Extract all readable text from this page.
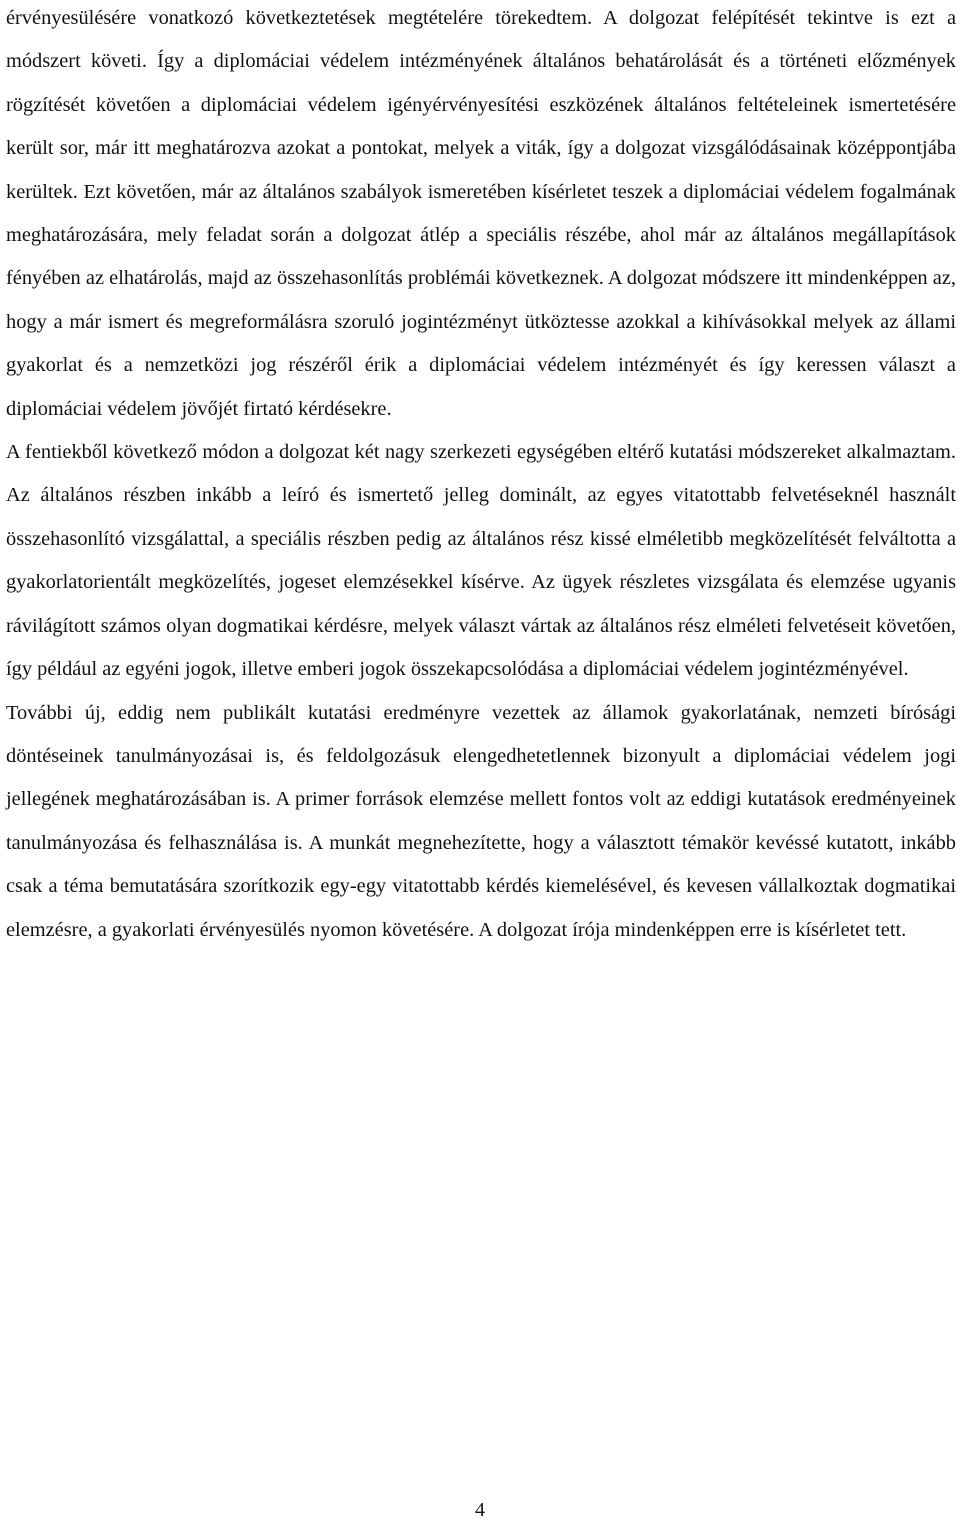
érvényesülésére vonatkozó következtetések megtételére törekedtem. A dolgozat felépítését tekintve is ezt a módszert követi. Így a diplomáciai védelem intézményének általános behatárolását és a történeti előzmények rögzítését követően a diplomáciai védelem igényérvényesítési eszközének általános feltételeinek ismertetésére került sor, már itt meghatározva azokat a pontokat, melyek a viták, így a dolgozat vizsgálódásainak középpontjába kerültek. Ezt követően, már az általános szabályok ismeretében kísérletet teszek a diplomáciai védelem fogalmának meghatározására, mely feladat során a dolgozat átlép a speciális részébe, ahol már az általános megállapítások fényében az elhatárolás, majd az összehasonlítás problémái következnek. A dolgozat módszere itt mindenképpen az, hogy a már ismert és megreformálásra szoruló jogintézményt ütköztesse azokkal a kihívásokkal melyek az állami gyakorlat és a nemzetközi jog részéről érik a diplomáciai védelem intézményét és így keressen választ a diplomáciai védelem jövőjét firtató kérdésekre.

A fentiekből következő módon a dolgozat két nagy szerkezeti egységében eltérő kutatási módszereket alkalmaztam. Az általános részben inkább a leíró és ismertető jelleg dominált, az egyes vitatottabb felvetéseknél használt összehasonlító vizsgálattal, a speciális részben pedig az általános rész kissé elméletibb megközelítését felváltotta a gyakorlatorientált megközelítés, jogeset elemzésekkel kísérve. Az ügyek részletes vizsgálata és elemzése ugyanis rávilágított számos olyan dogmatikai kérdésre, melyek választ vártak az általános rész elméleti felvetéseit követően, így például az egyéni jogok, illetve emberi jogok összekapcsolódása a diplomáciai védelem jogintézményével.

További új, eddig nem publikált kutatási eredményre vezettek az államok gyakorlatának, nemzeti bírósági döntéseinek tanulmányozásai is, és feldolgozásuk elengedhetetlennek bizonyult a diplomáciai védelem jogi jellegének meghatározásában is. A primer források elemzése mellett fontos volt az eddigi kutatások eredményeinek tanulmányozása és felhasználása is. A munkát megnehezítette, hogy a választott témakör kevéssé kutatott, inkább csak a téma bemutatására szorítkozik egy-egy vitatottabb kérdés kiemelésével, és kevesen vállalkoztak dogmatikai elemzésre, a gyakorlati érvényesülés nyomon követésére. A dolgozat írója mindenképpen erre is kísérletet tett.

4
